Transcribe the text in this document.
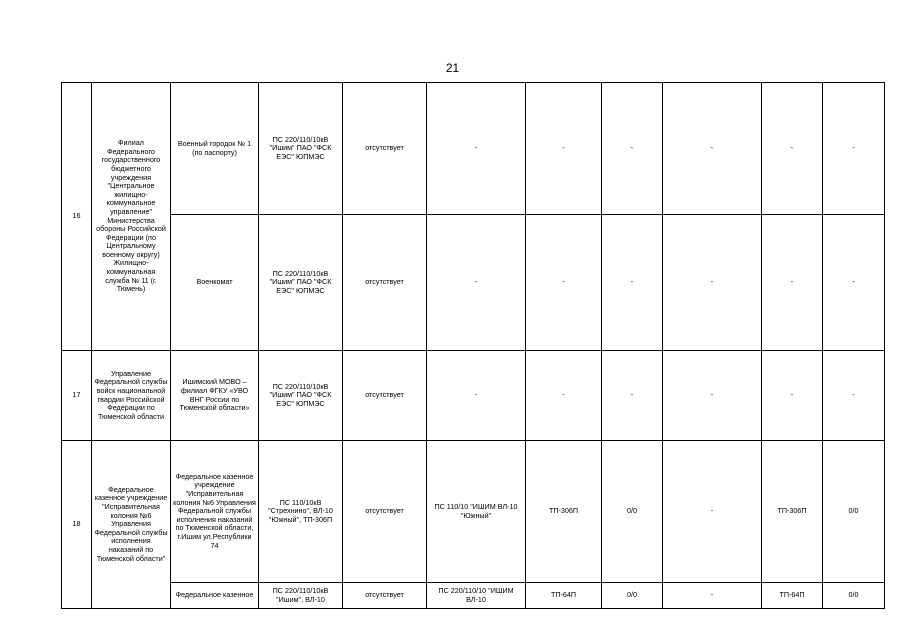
21
16	Филиал Федерального государственного бюджетного учреждения "Центральное жилищно-коммунальное управление" Министерства обороны Российской Федерации (по Центральному военному округу) Жилищно-коммунальная служба № 11 (г. Тюмень)	Военный городок № 1 (по паспорту)	ПС 220/110/10кВ "Ишим" ПАО "ФСК ЕЭС" ЮПМЭС	отсутствует	-	-	-	-	-	-
		Военкомат	ПС 220/110/10кВ "Ишим" ПАО "ФСК ЕЭС" ЮПМЭС	отсутствует	-	-	-	-	-	-
17	Управление Федеральной службы войск национальной гвардии Российской Федерации по Тюменской области	Ишимский МОВО – филиал ФГКУ «УВО ВНГ России по Тюменской области»	ПС 220/110/10кВ "Ишим" ПАО "ФСК ЕЭС" ЮПМЭС	отсутствует	-	-	-	-	-	-
18	Федеральное казенное учреждение "Исправительная колония №6 Управления Федеральной службы исполнения наказаний по Тюменской области"	Федеральное казенное учреждение "Исправительная колония №6 Управления Федеральной службы исполнения наказаний по Тюменской области, г.Ишим ул.Республики 74	ПС 110/10кВ "Стрехнино", ВЛ-10 "Южный", ТП-306П	отсутствует	ПС 110/10 "ИШИМ ВЛ-10 "Южный"	ТП-306П	0/0	-	ТП-306П	0/0

		Федеральное казенное	ПС 220/110/10кВ "Ишим", ВЛ-10	отсутствует	ПС 220/110/10 "ИШИМ ВЛ-10	ТП-64П	0/0	-	ТП-64П	0/0
